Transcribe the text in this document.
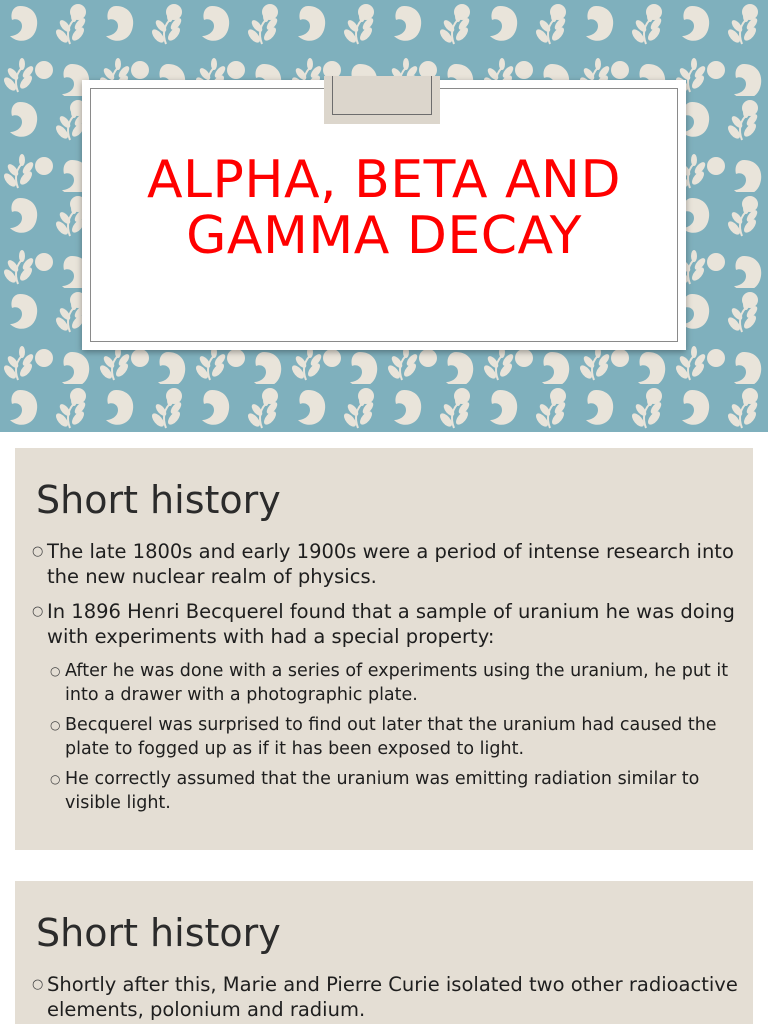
ALPHA, BETA AND
GAMMA DECAY
Short history
○ The late 1800s and early 1900s were a period of intense research into the new nuclear realm of physics.
○ In 1896 Henri Becquerel found that a sample of uranium he was doing with experiments with had a special property:
○ After he was done with a series of experiments using the uranium, he put it into a drawer with a photographic plate.
○ Becquerel was surprised to find out later that the uranium had caused the plate to fogged up as if it has been exposed to light.
○ He correctly assumed that the uranium was emitting radiation similar to visible light.
Short history
○ Shortly after this, Marie and Pierre Curie isolated two other radioactive elements, polonium and radium.
